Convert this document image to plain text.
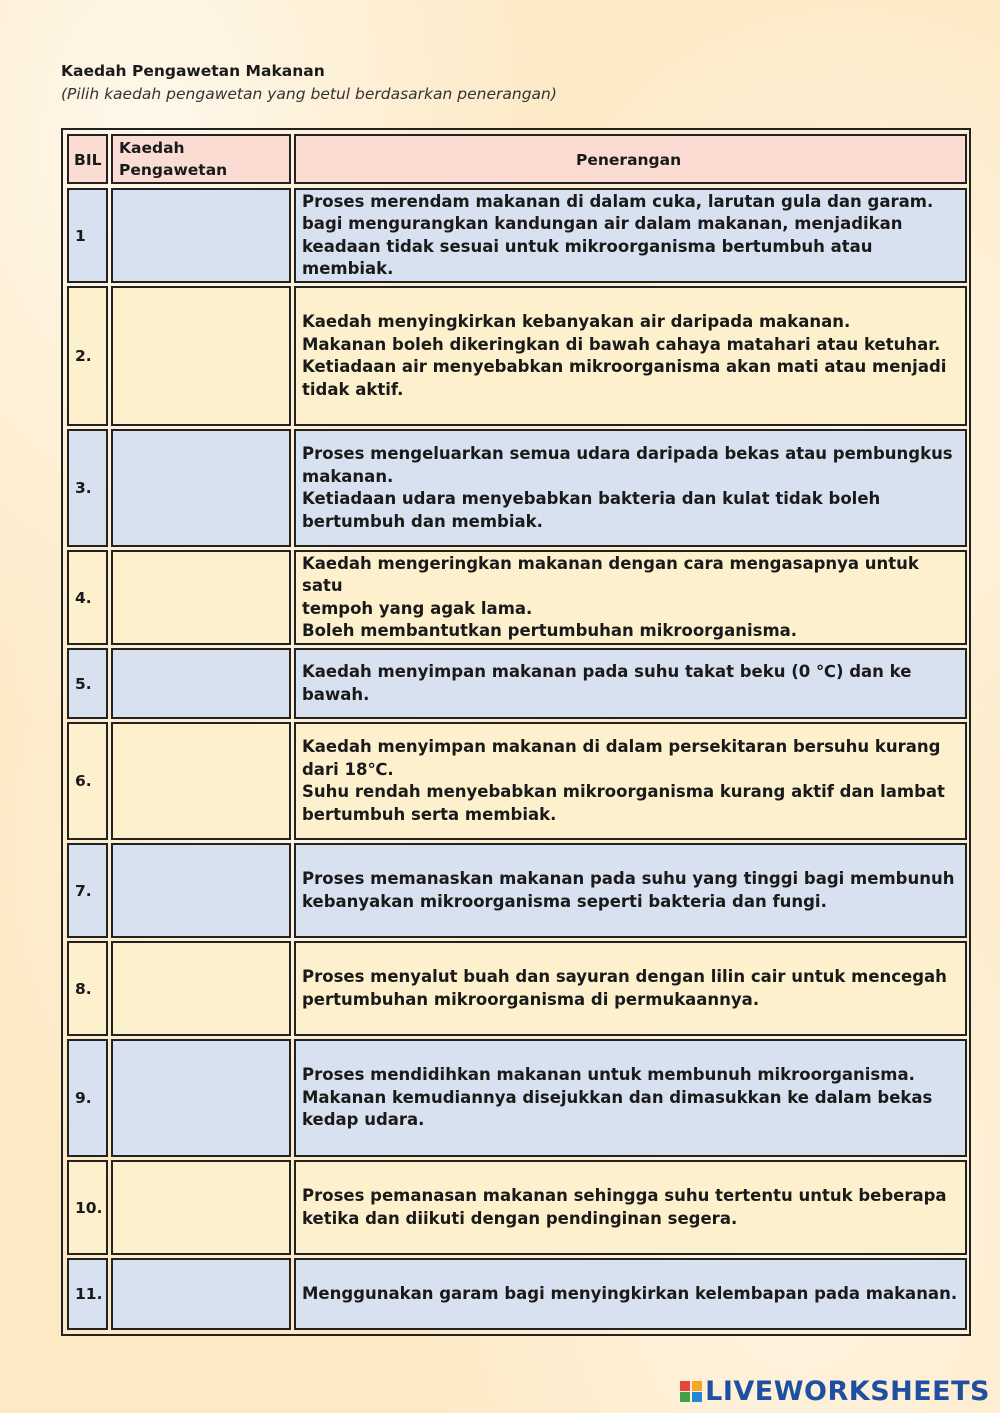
Kaedah Pengawetan Makanan
(Pilih kaedah pengawetan yang betul berdasarkan penerangan)
BIL
Kaedah
Pengawetan
Penerangan
1
Proses merendam makanan di dalam cuka, larutan gula dan garam.
bagi mengurangkan kandungan air dalam makanan, menjadikan
keadaan tidak sesuai untuk mikroorganisma bertumbuh atau membiak.
2.
Kaedah menyingkirkan kebanyakan air daripada makanan.
Makanan boleh dikeringkan di bawah cahaya matahari atau ketuhar.
Ketiadaan air menyebabkan mikroorganisma akan mati atau menjadi
tidak aktif.
3.
Proses mengeluarkan semua udara daripada bekas atau pembungkus
makanan.
Ketiadaan udara menyebabkan bakteria dan kulat tidak boleh
bertumbuh dan membiak.
4.
Kaedah mengeringkan makanan dengan cara mengasapnya untuk satu
tempoh yang agak lama.
Boleh membantutkan pertumbuhan mikroorganisma.
5.
Kaedah menyimpan makanan pada suhu takat beku (0 ℃) dan ke
bawah.
6.
Kaedah menyimpan makanan di dalam persekitaran bersuhu kurang
dari 18℃.
Suhu rendah menyebabkan mikroorganisma kurang aktif dan lambat
bertumbuh serta membiak.
7.
Proses memanaskan makanan pada suhu yang tinggi bagi membunuh
kebanyakan mikroorganisma seperti bakteria dan fungi.
8.
Proses menyalut buah dan sayuran dengan lilin cair untuk mencegah
pertumbuhan mikroorganisma di permukaannya.
9.
Proses mendidihkan makanan untuk membunuh mikroorganisma.
Makanan kemudiannya disejukkan dan dimasukkan ke dalam bekas
kedap udara.
10.
Proses pemanasan makanan sehingga suhu tertentu untuk beberapa
ketika dan diikuti dengan pendinginan segera.
11.	Menggunakan garam bagi menyingkirkan kelembapan pada makanan.
LIVEWORKSHEETS
